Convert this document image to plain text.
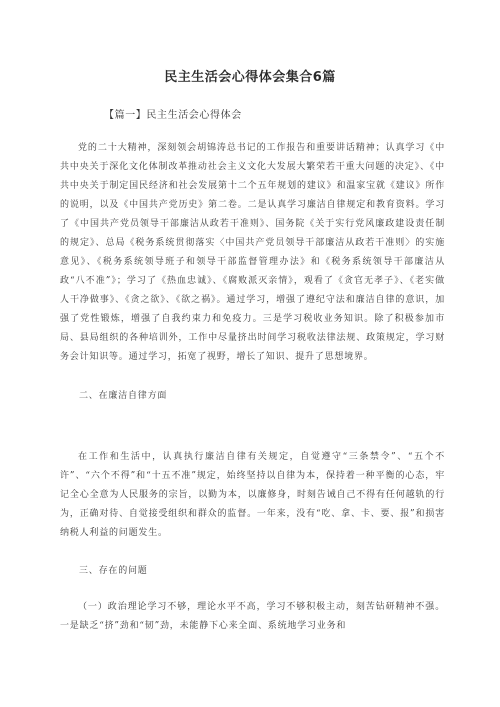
民主生活会心得体会集合6篇
【篇一】民主生活会心得体会

党的二十大精神，深刻领会胡锦涛总书记的工作报告和重要讲话精神；认真学习《中共中央关于深化文化体制改革推动社会主义文化大发展大繁荣若干重大问题的决定》、《中共中央关于制定国民经济和社会发展第十二个五年规划的建议》和温家宝就《建议》所作的说明，以及《中国共产党历史》第二卷。二是认真学习廉洁自律规定和教育资料。学习了《中国共产党员领导干部廉洁从政若干准则》、国务院《关于实行党风廉政建设责任制的规定》、总局《税务系统贯彻落实〈中国共产党员领导干部廉洁从政若干准则〉的实施意见》、《税务系统领导班子和领导干部监督管理办法》和《税务系统领导干部廉洁从政“八不准”》；学习了《热血忠诚》、《腐败派灭亲情》，观看了《贪官无孝子》、《老实做人干净做事》、《贪之欲》、《欲之祸》。通过学习，增强了遵纪守法和廉洁自律的意识，加强了党性锻炼，增强了自我约束力和免疫力。三是学习税收业务知识。除了积极参加市局、县局组织的各种培训外，工作中尽量挤出时间学习税收法律法规、政策规定，学习财务会计知识等。通过学习，拓宽了视野，增长了知识、提升了思想境界。

二、在廉洁自律方面

在工作和生活中，认真执行廉洁自律有关规定，自觉遵守“三条禁令”、“五个不许”、“六个不得”和“十五不准”规定，始终坚持以自律为本，保持着一种平衡的心态，牢记全心全意为人民服务的宗旨，以勤为本，以廉修身，时刻告诫自己不得有任何越轨的行为，正确对待、自觉接受组织和群众的监督。一年来，没有“吃、拿、卡、要、报”和损害纳税人利益的问题发生。

三、存在的问题

（一）政治理论学习不够，理论水平不高，学习不够积极主动，刻苦钻研精神不强。一是缺乏“挤”劲和“韧”劲，未能静下心来全面、系统地学习业务和
